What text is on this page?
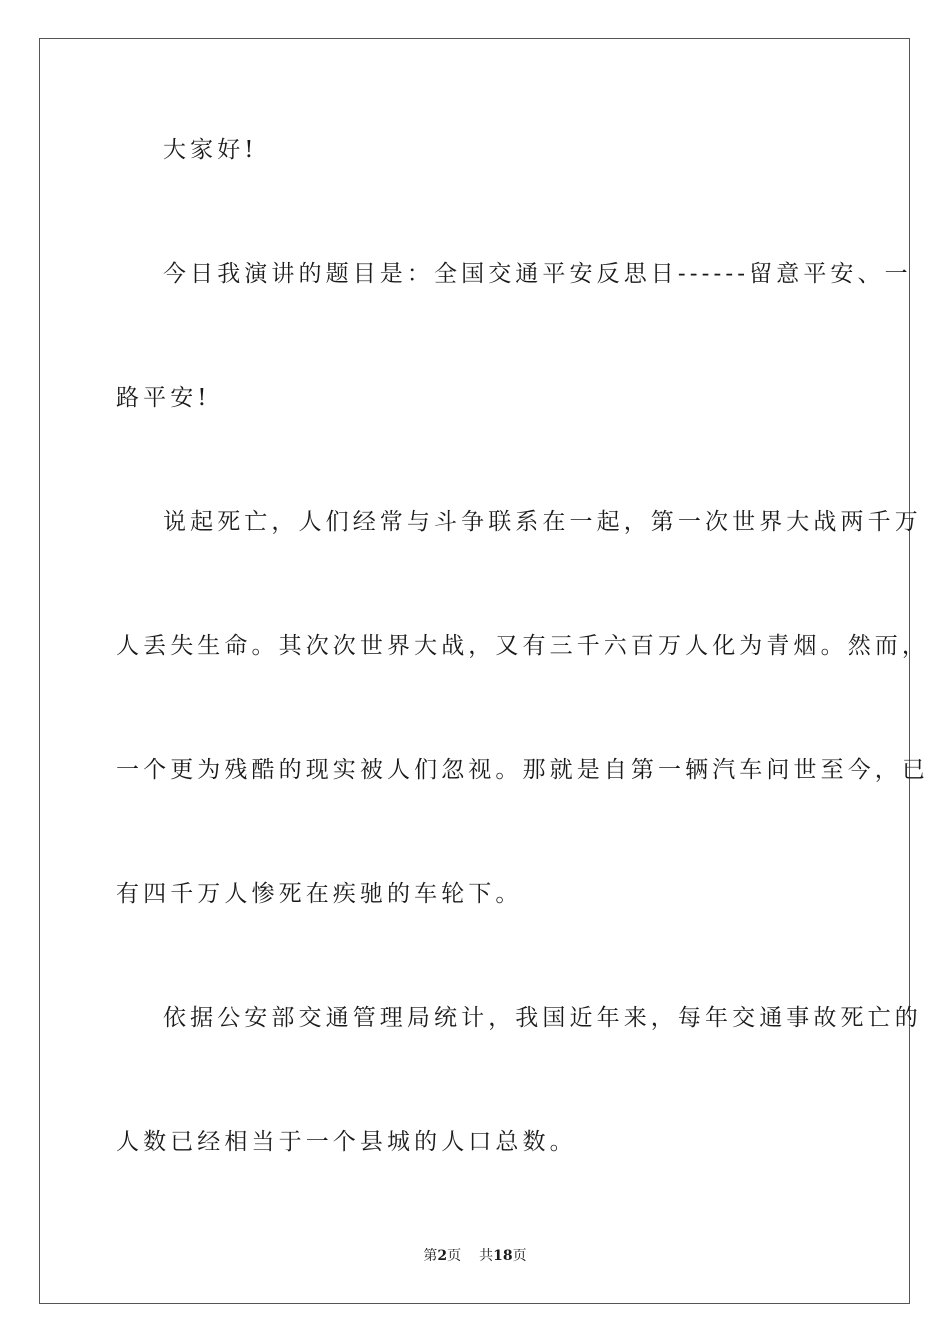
大家好!
今日我演讲的题目是：全国交通平安反思日------留意平安、一
路平安!
说起死亡，人们经常与斗争联系在一起，第一次世界大战两千万
人丢失生命。其次次世界大战，又有三千六百万人化为青烟。然而，
一个更为残酷的现实被人们忽视。那就是自第一辆汽车问世至今，已
有四千万人惨死在疾驰的车轮下。
依据公安部交通管理局统计，我国近年来，每年交通事故死亡的
人数已经相当于一个县城的人口总数。
第2页 共18页
